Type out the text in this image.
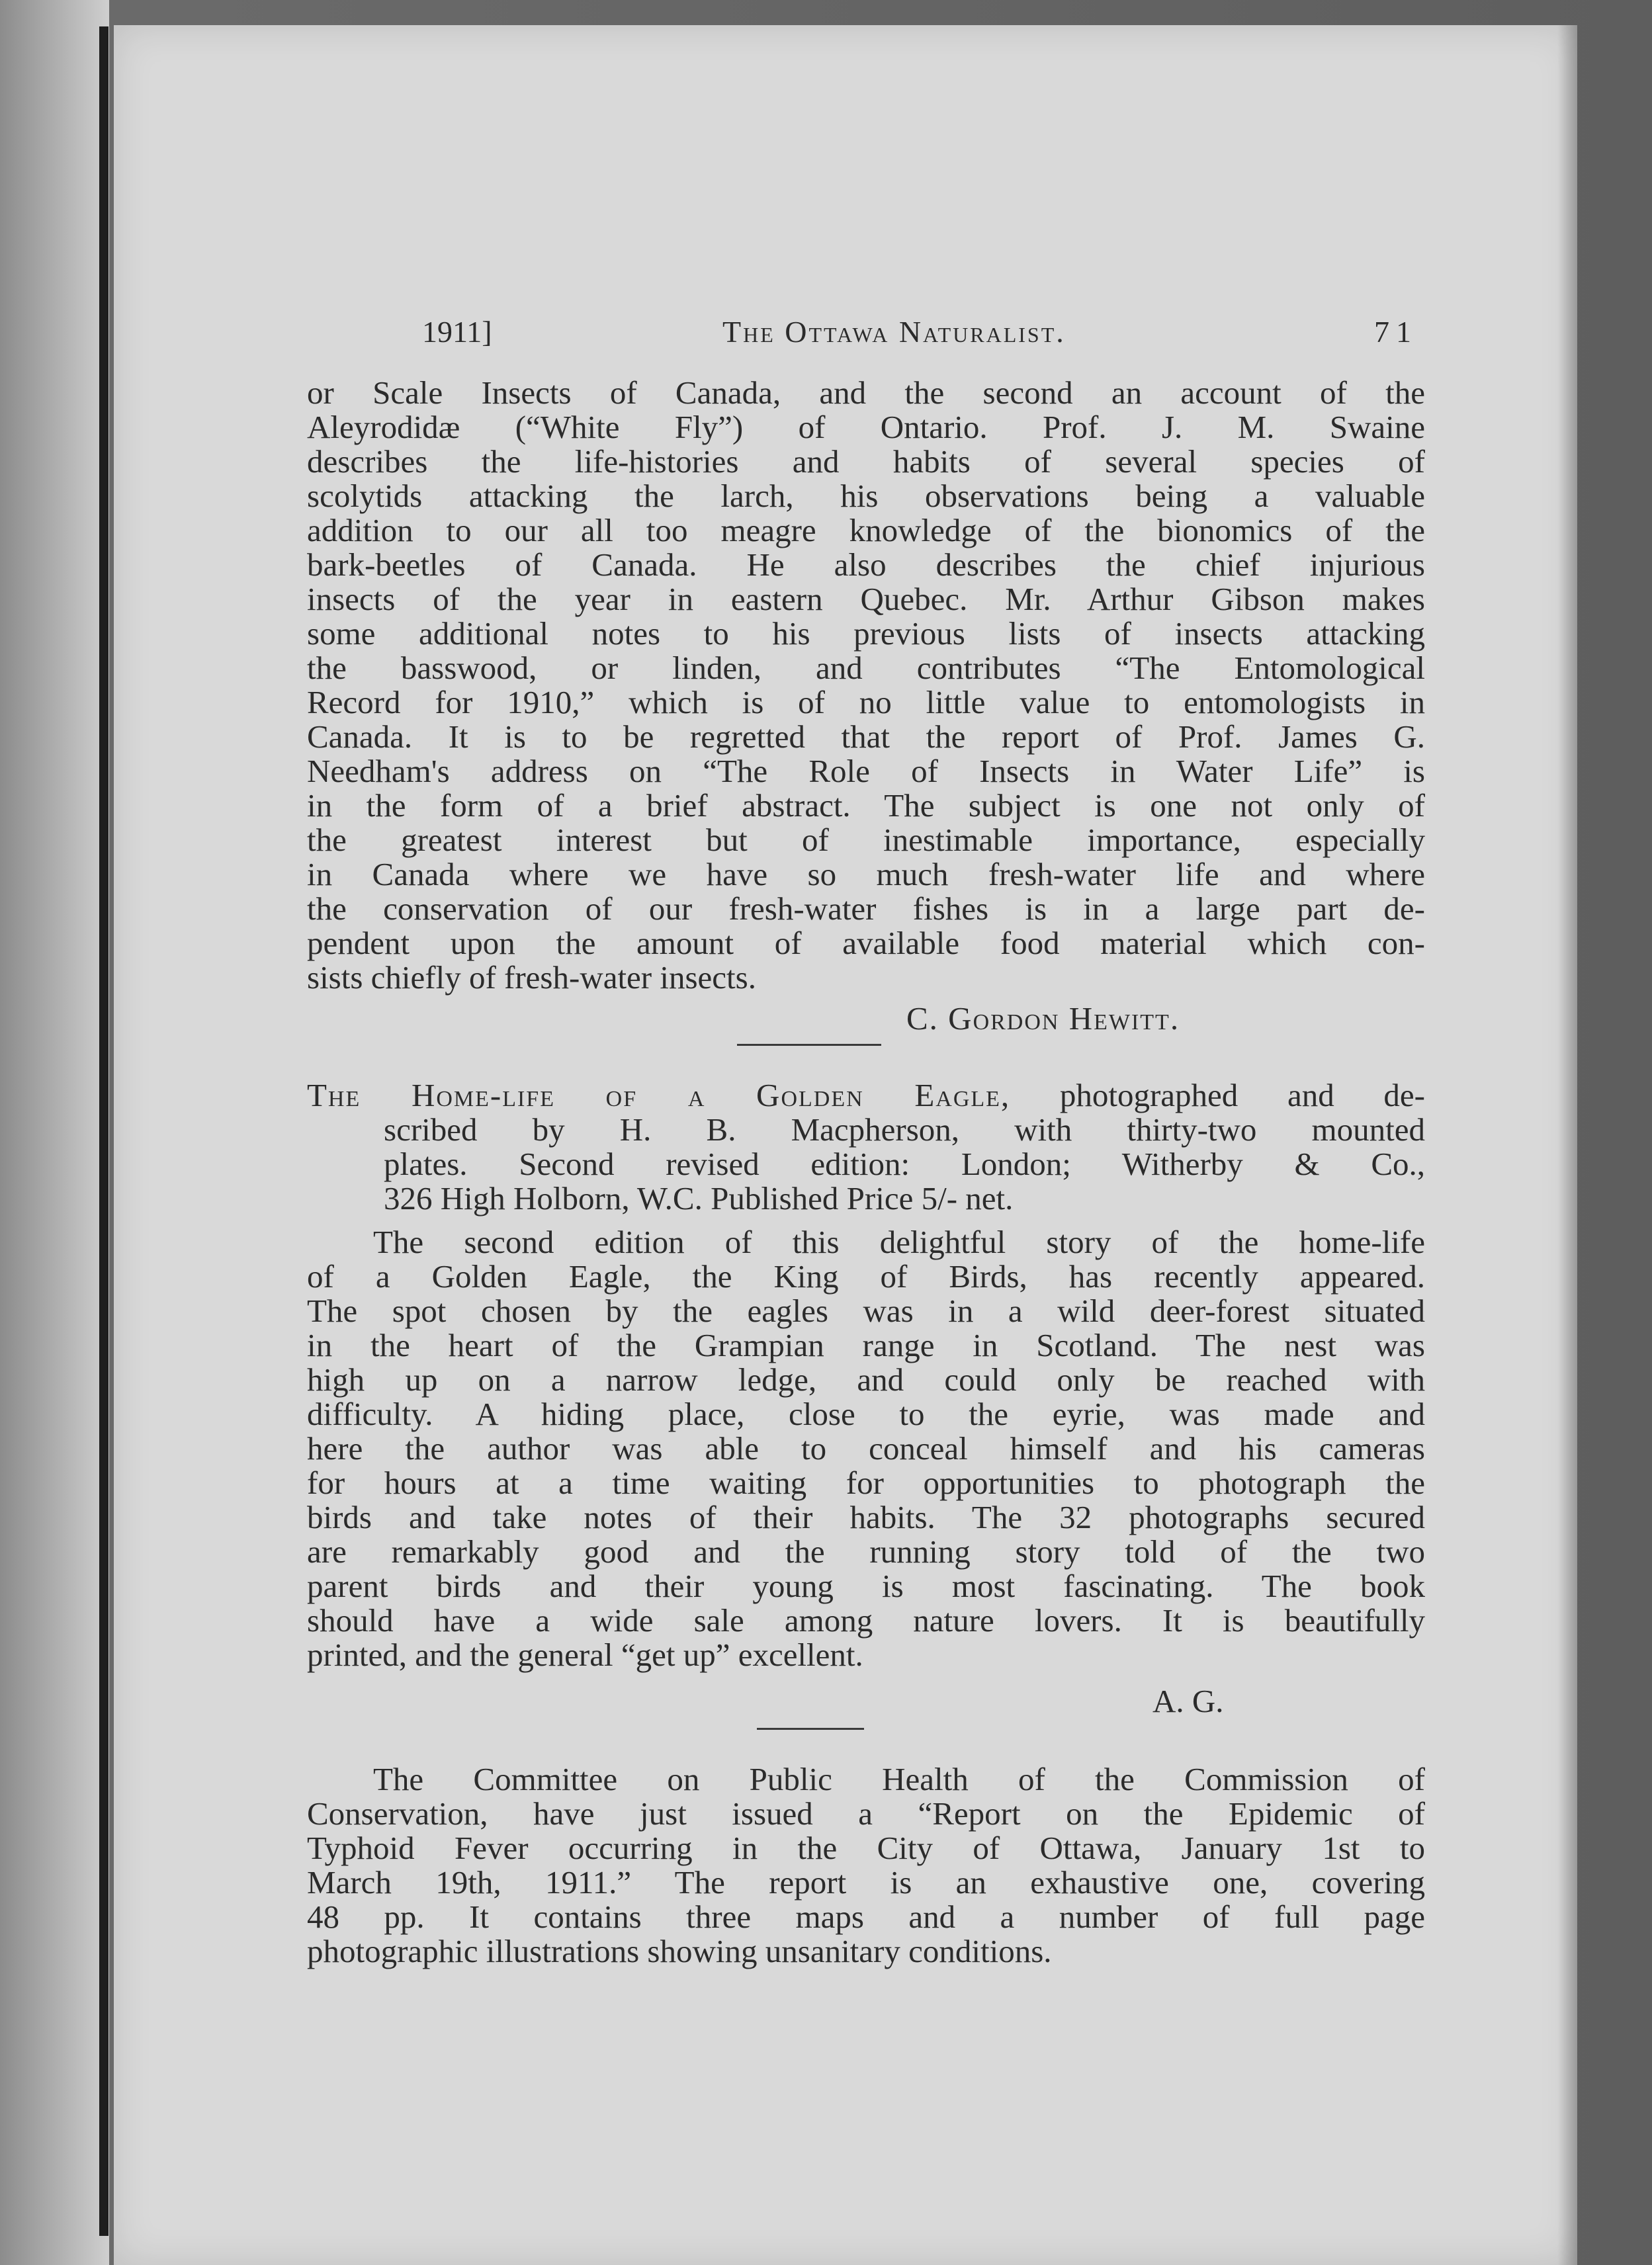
1911]	The Ottawa Naturalist.	71
or Scale Insects of Canada, and the second an account of the
Aleyrodidæ (“White Fly”) of Ontario. Prof. J. M. Swaine
describes the life-histories and habits of several species of
scolytids attacking the larch, his observations being a valuable
addition to our all too meagre knowledge of the bionomics of the
bark-beetles of Canada. He also describes the chief injurious
insects of the year in eastern Quebec. Mr. Arthur Gibson makes
some additional notes to his previous lists of insects attacking
the basswood, or linden, and contributes “The Entomological
Record for 1910,” which is of no little value to entomologists in
Canada. It is to be regretted that the report of Prof. James G.
Needham's address on “The Role of Insects in Water Life” is
in the form of a brief abstract. The subject is one not only of
the greatest interest but of inestimable importance, especially
in Canada where we have so much fresh-water life and where
the conservation of our fresh-water fishes is in a large part de-
pendent upon the amount of available food material which con-
sists chiefly of fresh-water insects.
C. Gordon Hewitt.
The Home-life of a Golden Eagle, photographed and de-
scribed by H. B. Macpherson, with thirty-two mounted
plates. Second revised edition: London; Witherby & Co.,
326 High Holborn, W.C. Published Price 5/- net.
The second edition of this delightful story of the home-life
of a Golden Eagle, the King of Birds, has recently appeared.
The spot chosen by the eagles was in a wild deer-forest situated
in the heart of the Grampian range in Scotland. The nest was
high up on a narrow ledge, and could only be reached with
difficulty. A hiding place, close to the eyrie, was made and
here the author was able to conceal himself and his cameras
for hours at a time waiting for opportunities to photograph the
birds and take notes of their habits. The 32 photographs secured
are remarkably good and the running story told of the two
parent birds and their young is most fascinating. The book
should have a wide sale among nature lovers. It is beautifully
printed, and the general “get up” excellent.
A. G.
The Committee on Public Health of the Commission of
Conservation, have just issued a “Report on the Epidemic of
Typhoid Fever occurring in the City of Ottawa, January 1st to
March 19th, 1911.” The report is an exhaustive one, covering
48 pp. It contains three maps and a number of full page
photographic illustrations showing unsanitary conditions.
